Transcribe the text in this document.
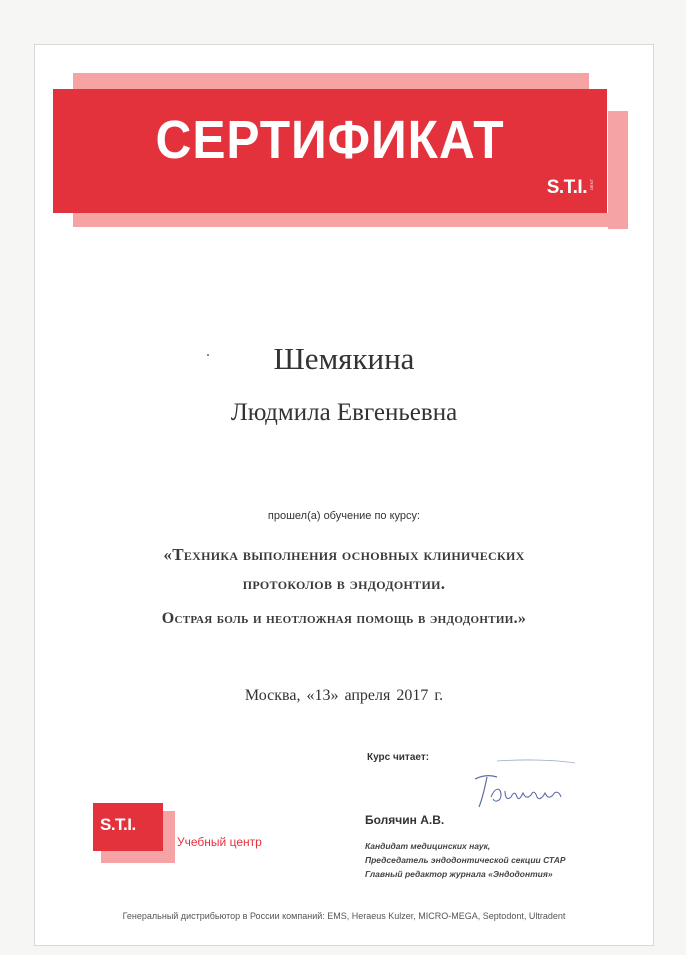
СЕРТИФИКАТ
S.T.I. DENT
Шемякина
Людмила Евгеньевна
прошел(а) обучение по курсу:
«Техника выполнения основных клинических
протоколов в эндодонтии.
Острая боль и неотложная помощь в эндодонтии.»
Москва, «13» апреля 2017 г.
Курс читает:
Болячин А.В.
Кандидат медицинских наук,
Председатель эндодонтической секции СТАР
Главный редактор журнала «Эндодонтия»
S.T.I.
Учебный центр
Генеральный дистрибьютор в России компаний: EMS, Heraeus Kulzer, MICRO-MEGA, Septodont, Ultradent
